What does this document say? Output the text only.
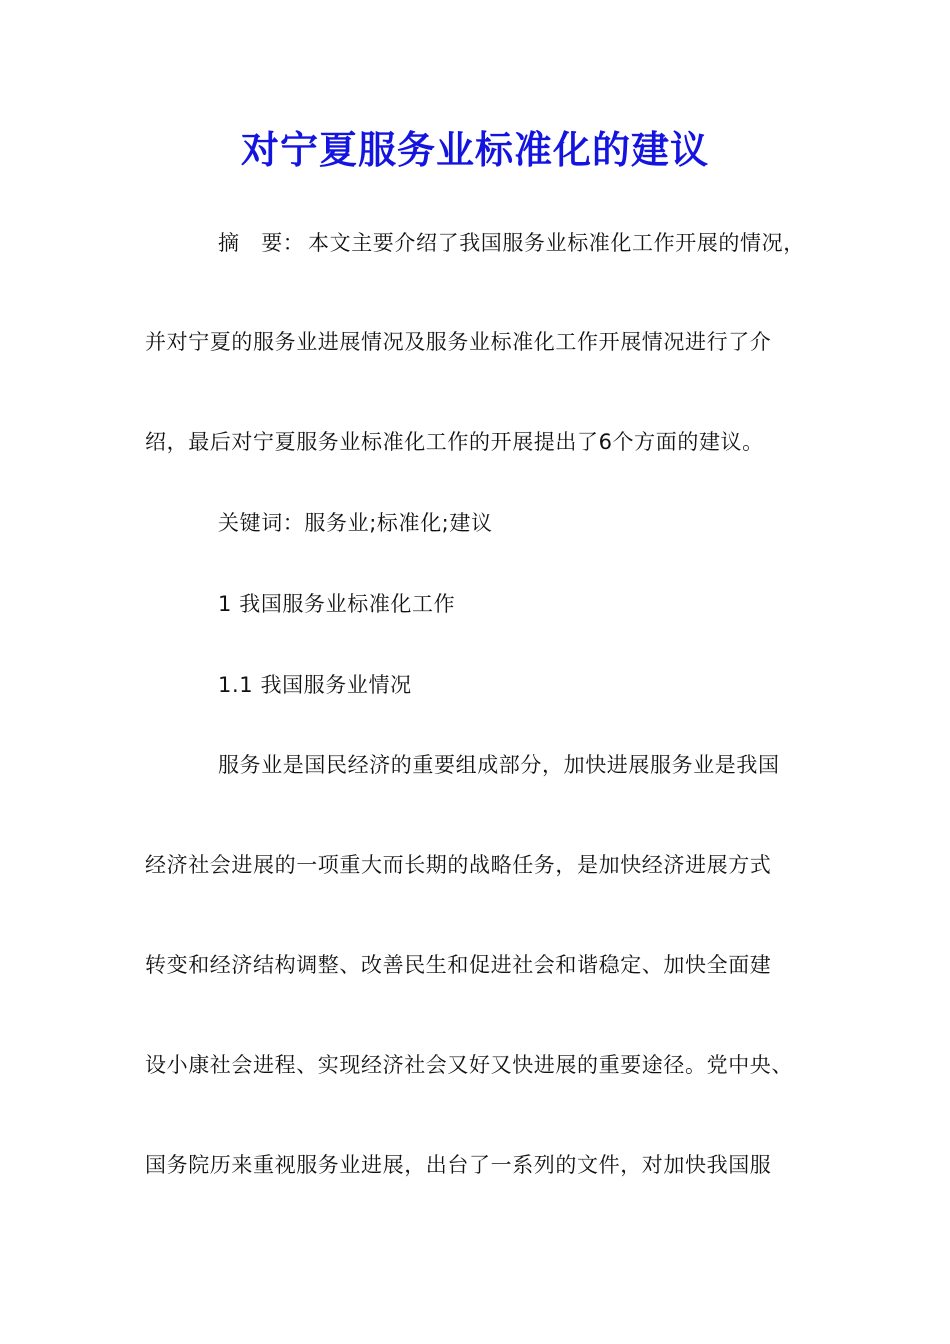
对宁夏服务业标准化的建议
摘　要： 本文主要介绍了我国服务业标准化工作开展的情况，
并对宁夏的服务业进展情况及服务业标准化工作开展情况进行了介
绍，最后对宁夏服务业标准化工作的开展提出了6个方面的建议。
关键词：服务业;标准化;建议
1 我国服务业标准化工作
1.1 我国服务业情况
服务业是国民经济的重要组成部分，加快进展服务业是我国
经济社会进展的一项重大而长期的战略任务，是加快经济进展方式
转变和经济结构调整、改善民生和促进社会和谐稳定、加快全面建
设小康社会进程、实现经济社会又好又快进展的重要途径。党中央、
国务院历来重视服务业进展，出台了一系列的文件，对加快我国服
